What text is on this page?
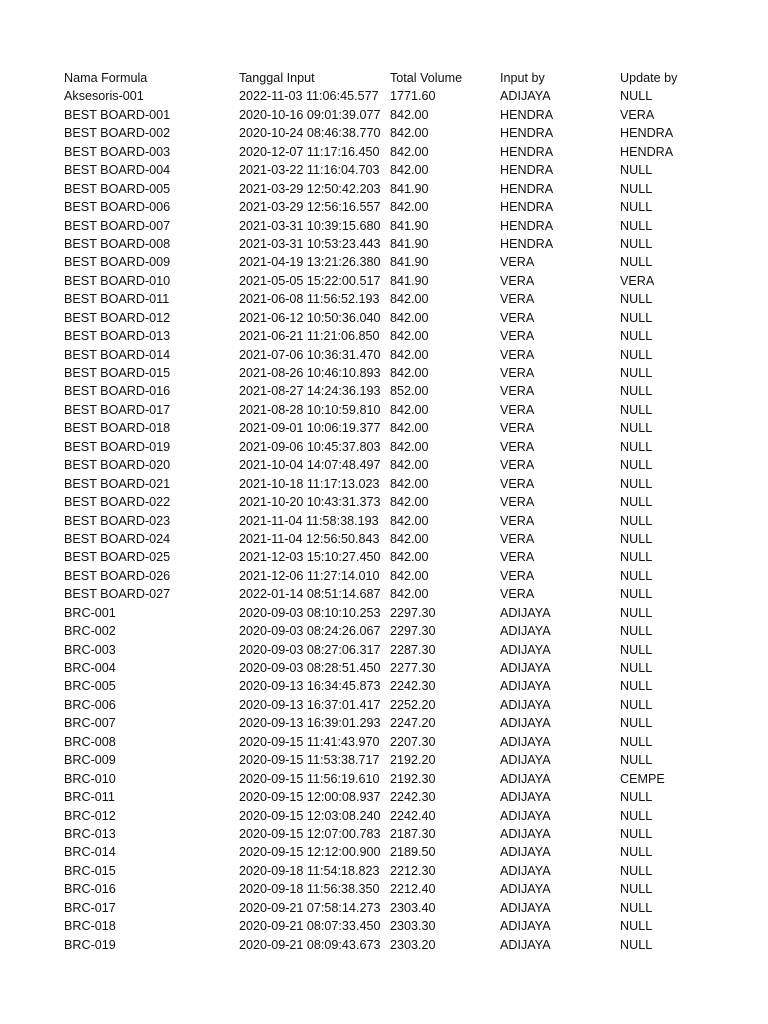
Nama Formula	Tanggal Input	Total Volume	Input by	Update by
Aksesoris-001	2022-11-03 11:06:45.577 1771.60	ADIJAYA	NULL
BEST BOARD-001	2020-10-16 09:01:39.077 842.00	HENDRA	VERA
BEST BOARD-002	2020-10-24 08:46:38.770 842.00	HENDRA	HENDRA
BEST BOARD-003	2020-12-07 11:17:16.450 842.00	HENDRA	HENDRA
BEST BOARD-004	2021-03-22 11:16:04.703 842.00	HENDRA	NULL
BEST BOARD-005	2021-03-29 12:50:42.203 841.90	HENDRA	NULL
BEST BOARD-006	2021-03-29 12:56:16.557 842.00	HENDRA	NULL
BEST BOARD-007	2021-03-31 10:39:15.680 841.90	HENDRA	NULL
BEST BOARD-008	2021-03-31 10:53:23.443 841.90	HENDRA	NULL
BEST BOARD-009	2021-04-19 13:21:26.380 841.90	VERA	NULL
BEST BOARD-010	2021-05-05 15:22:00.517 841.90	VERA	VERA
BEST BOARD-011	2021-06-08 11:56:52.193 842.00	VERA	NULL
BEST BOARD-012	2021-06-12 10:50:36.040 842.00	VERA	NULL
BEST BOARD-013	2021-06-21 11:21:06.850 842.00	VERA	NULL
BEST BOARD-014	2021-07-06 10:36:31.470 842.00	VERA	NULL
BEST BOARD-015	2021-08-26 10:46:10.893 842.00	VERA	NULL
BEST BOARD-016	2021-08-27 14:24:36.193 852.00	VERA	NULL
BEST BOARD-017	2021-08-28 10:10:59.810 842.00	VERA	NULL
BEST BOARD-018	2021-09-01 10:06:19.377 842.00	VERA	NULL
BEST BOARD-019	2021-09-06 10:45:37.803 842.00	VERA	NULL
BEST BOARD-020	2021-10-04 14:07:48.497 842.00	VERA	NULL
BEST BOARD-021	2021-10-18 11:17:13.023 842.00	VERA	NULL
BEST BOARD-022	2021-10-20 10:43:31.373 842.00	VERA	NULL
BEST BOARD-023	2021-11-04 11:58:38.193 842.00	VERA	NULL
BEST BOARD-024	2021-11-04 12:56:50.843 842.00	VERA	NULL
BEST BOARD-025	2021-12-03 15:10:27.450 842.00	VERA	NULL
BEST BOARD-026	2021-12-06 11:27:14.010 842.00	VERA	NULL
BEST BOARD-027	2022-01-14 08:51:14.687 842.00	VERA	NULL
BRC-001	2020-09-03 08:10:10.253 2297.30	ADIJAYA	NULL
BRC-002	2020-09-03 08:24:26.067 2297.30	ADIJAYA	NULL
BRC-003	2020-09-03 08:27:06.317 2287.30	ADIJAYA	NULL
BRC-004	2020-09-03 08:28:51.450 2277.30	ADIJAYA	NULL
BRC-005	2020-09-13 16:34:45.873 2242.30	ADIJAYA	NULL
BRC-006	2020-09-13 16:37:01.417 2252.20	ADIJAYA	NULL
BRC-007	2020-09-13 16:39:01.293 2247.20	ADIJAYA	NULL
BRC-008	2020-09-15 11:41:43.970 2207.30	ADIJAYA	NULL
BRC-009	2020-09-15 11:53:38.717 2192.20	ADIJAYA	NULL
BRC-010	2020-09-15 11:56:19.610 2192.30	ADIJAYA	CEMPE
BRC-011	2020-09-15 12:00:08.937 2242.30	ADIJAYA	NULL
BRC-012	2020-09-15 12:03:08.240 2242.40	ADIJAYA	NULL
BRC-013	2020-09-15 12:07:00.783 2187.30	ADIJAYA	NULL
BRC-014	2020-09-15 12:12:00.900 2189.50	ADIJAYA	NULL
BRC-015	2020-09-18 11:54:18.823 2212.30	ADIJAYA	NULL
BRC-016	2020-09-18 11:56:38.350 2212.40	ADIJAYA	NULL
BRC-017	2020-09-21 07:58:14.273 2303.40	ADIJAYA	NULL
BRC-018	2020-09-21 08:07:33.450 2303.30	ADIJAYA	NULL
BRC-019	2020-09-21 08:09:43.673 2303.20	ADIJAYA	NULL
